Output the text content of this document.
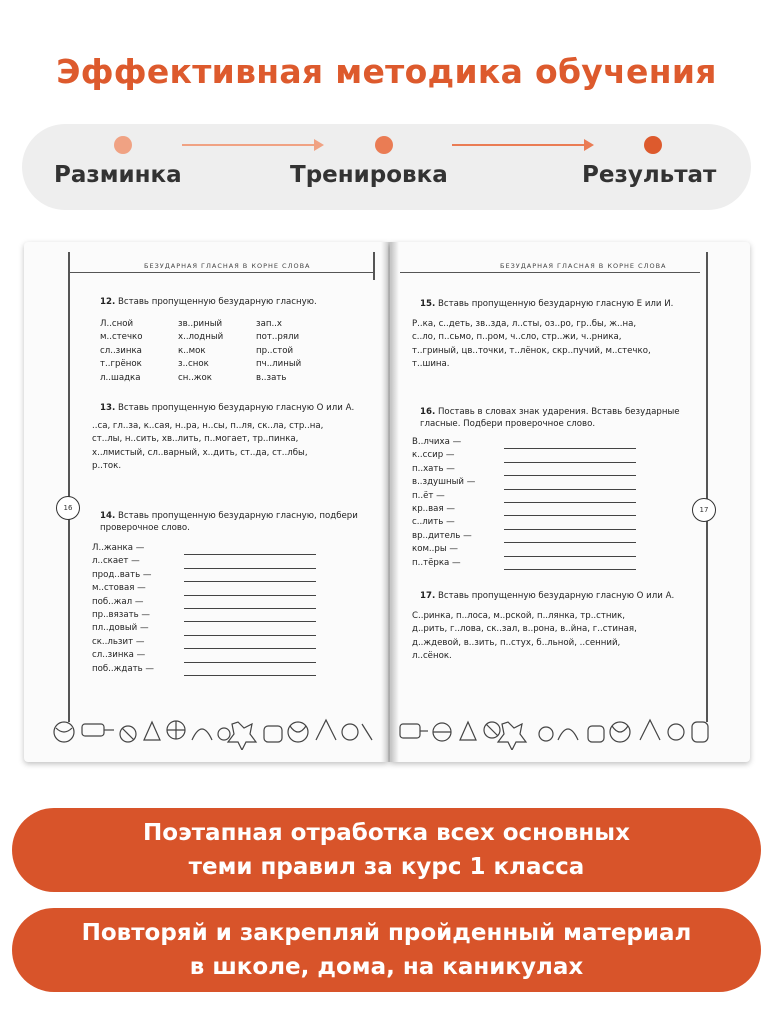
Эффективная методика обучения
Разминка	Тренировка	Результат
БЕЗУДАРНАЯ ГЛАСНАЯ В КОРНЕ СЛОВА
16
12. Вставь пропущенную безударную гласную.
Л..сной	зв..риный	зап..х
м..стечко	х..лодный	пот..ряли
сл..зинка	к..мок	пр..стой
т..грёнок	з..снок	пч..линый
л..шадка	сн..жок	в..зать
13. Вставь пропущенную безударную гласную О или А.
..са, гл..за, к..сая, н..ра, н..сы, п..ля, ск..ла, стр..на,
ст..лы, н..сить, хв..лить, п..могает, тр..пинка,
х..лмистый, сл..варный, х..дить, ст..да, ст..лбы,
р..ток.
14. Вставь пропущенную безударную гласную, подбери проверочное слово.
Л..жанка —
л..скает —
прод..вать —
м..стовая —
поб..жал —
пр..вязать —
пл..довый —
ск..льзит —
сл..зинка —
поб..ждать —
БЕЗУДАРНАЯ ГЛАСНАЯ В КОРНЕ СЛОВА
17
15. Вставь пропущенную безударную гласную Е или И.
Р..ка, с..деть, зв..зда, л..сты, оз..ро, гр..бы, ж..на,
с..ло, п..сьмо, п..ром, ч..сло, стр..жи, ч..рника,
т..гриный, цв..точки, т..лёнок, скр..пучий, м..стечко,
т..шина.
16. Поставь в словах знак ударения. Вставь безударные гласные. Подбери проверочное слово.
В..лчиха —
к..ссир —
п..хать —
в..здушный —
п..ёт —
кр..вая —
с..лить —
вр..дитель —
ком..ры —
п..тёрка —
17. Вставь пропущенную безударную гласную О или А.
С..ринка, п..лоса, м..рской, п..лянка, тр..стник,
д..рить, г..лова, ск..зал, в..рона, в..йна, г..стиная,
д..ждевой, в..зить, п..стух, б..льной, ..сенний,
л..сёнок.
Поэтапная отработка всех основных
теми правил за курс 1 класса
Повторяй и закрепляй пройденный материал
в школе, дома, на каникулах
